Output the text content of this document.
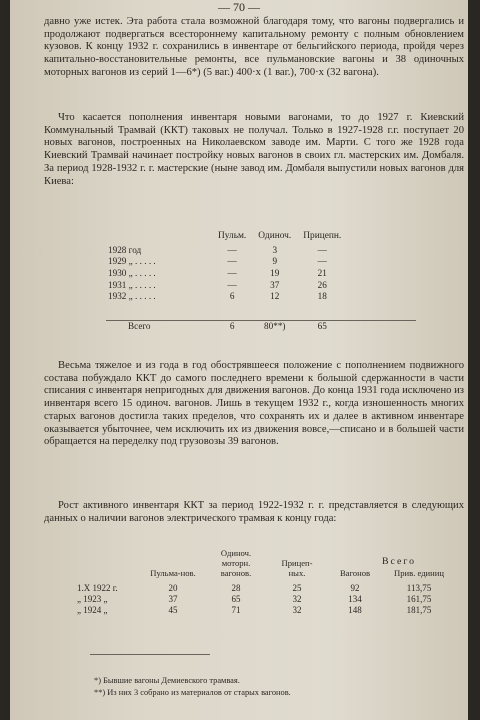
— 70 —

давно уже истек. Эта работа стала возможной благодаря тому, что вагоны подвергались и продолжают подвергаться всестороннему капитальному ремонту с полным обновлением кузовов. К концу 1932 г. сохранились в инвентаре от бельгийского периода, пройдя через капитально-восстановительные ремонты, все пульмановские вагоны и 38 одиночных моторных вагонов из серий 1—6*) (5 ваг.) 400·х (1 ваг.), 700·х (32 вагона).

Что касается пополнения инвентаря новыми вагонами, то до 1927 г. Киевский Коммунальный Трамвай (ККТ) таковых не получал. Только в 1927-1928 г.г. поступает 20 новых вагонов, построенных на Николаевском заводе им. Марти. С того же 1928 года Киевский Трамвай начинает постройку новых вагонов в своих гл. мастерских им. Домбаля. За период 1928-1932 г. г. мастерские (ныне завод им. Домбаля выпустили новых вагонов для Киева:

	Пульм.	Одиноч.	Прицепн.
1928 год	—	3	—
1929 „ . . . . .	—	9	—
1930 „ . . . . .	—	19	21
1931 „ . . . . .	—	37	26
1932 „ . . . . .	6	12	18
Всего	6	80**)	65

Весьма тяжелое и из года в год обострявшееся положение с пополнением подвижного состава побуждало ККТ до самого последнего времени к большой сдержанности в части списания с инвентаря непригодных для движения вагонов. До конца 1931 года исключено из инвентаря всего 15 одиноч. вагонов. Лишь в текущем 1932 г., когда изношенность многих старых вагонов достигла таких пределов, что сохранять их и далее в активном инвентаре оказывается убыточнее, чем исключить их из движения вовсе,—списано и в большей части обращается на переделку под грузовозы 39 вагонов.

Рост активного инвентаря ККТ за период 1922-1932 г. г. представляется в следующих данных о наличии вагонов электрического трамвая к концу года:

Всего
	Пульма-нов.	Одиноч. моторн. вагонов.	Прицеп-ных.	Вагонов	Прив. единиц
1.X 1922 г.	20	28	25	92	113,75
„ 1923 „	37	65	32	134	161,75
„ 1924 „	45	71	32	148	181,75
*) Бывшие вагоны Демиевского трамвая.
**) Из них 3 собрано из материалов от старых вагонов.
